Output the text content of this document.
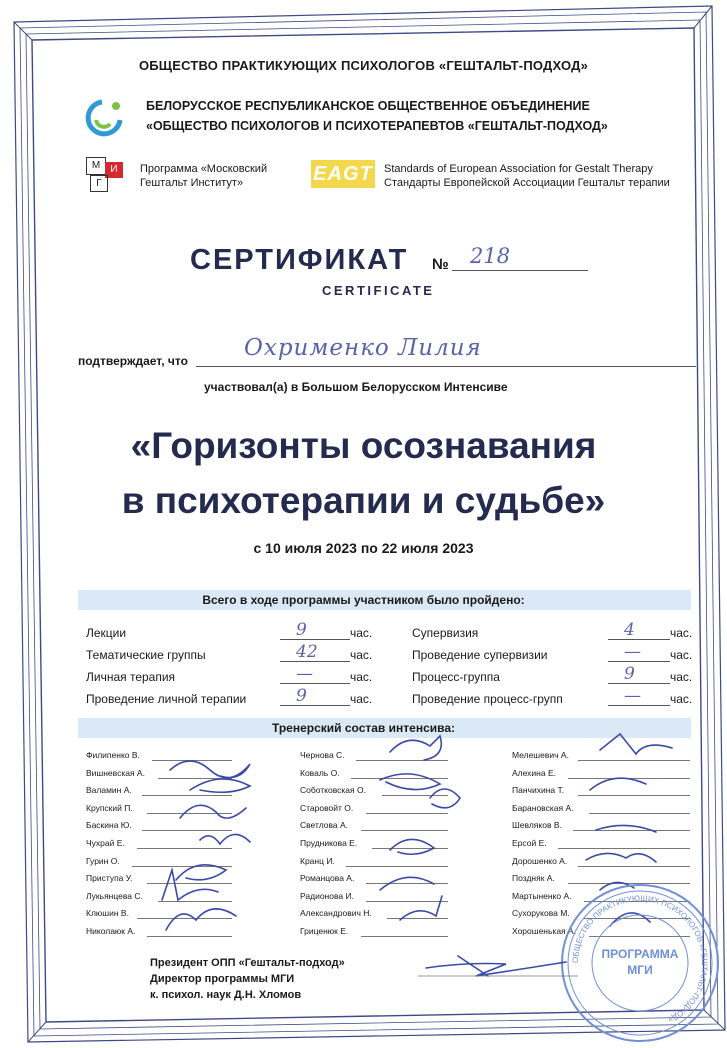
ОБЩЕСТВО ПРАКТИКУЮЩИХ ПСИХОЛОГОВ «ГЕШТАЛЬТ-ПОДХОД»
БЕЛОРУССКОЕ РЕСПУБЛИКАНСКОЕ ОБЩЕСТВЕННОЕ ОБЪЕДИНЕНИЕ
«ОБЩЕСТВО ПСИХОЛОГОВ И ПСИХОТЕРАПЕВТОВ «ГЕШТАЛЬТ-ПОДХОД»
М	И
Г
Программа «Московский
Гештальт Институт»	EAGT Standards of European Association for Gestalt Therapy
Стандарты Европейской Ассоциации Гештальт терапии
СЕРТИФИКАТ № 218
CERTIFICATE
подтверждает, что Охрименко Лилия
участвовал(а) в Большом Белорусском Интенсиве
«Горизонты осознавания
в психотерапии и судьбе»
с 10 июля 2023 по 22 июля 2023
Всего в ходе программы участником было пройдено:
Лекции	9	час.
Тематические группы	42	час.
Личная терапия	—	час.
Проведение личной терапии	9	час.
Супервизия	4	час.
Проведение супервизии	— час.
Процесс-группа	9	час.
Проведение процесс-групп	— час.
Тренерский состав интенсива:
Филипенко В.
Вишневская А.
Валамин А.
Крупский П.
Баскина Ю.
Чухрай Е.
Гурин О.
Приступа У.
Лукьянцева С.
Клюшин В.
Николаюк А.
Чернова С.
Коваль О.
Соботковская О.
Старовойт О.
Светлова А.
Прудникова Е.
Кранц И.
Романцова А.
Радионова И.
Александрович Н.
Гриценюк Е.
Мелешевич А.
Алехина Е.
Панчихина Т.
Барановская А.
Шевляков В.
Ерсой Е.
Дорошенко А.
Поздняк А.
Мартыненко А.
Сухорукова М.
Хорошенькая А.
ОБЩЕСТВО ПРАКТИКУЮЩИХ ПСИХОЛОГОВ «ГЕШТАЛЬТ-ПОДХОД»
ПРОГРАММА
МГИ
Президент ОПП «Гештальт-подход»
Директор программы МГИ
к. психол. наук Д.Н. Хломов
